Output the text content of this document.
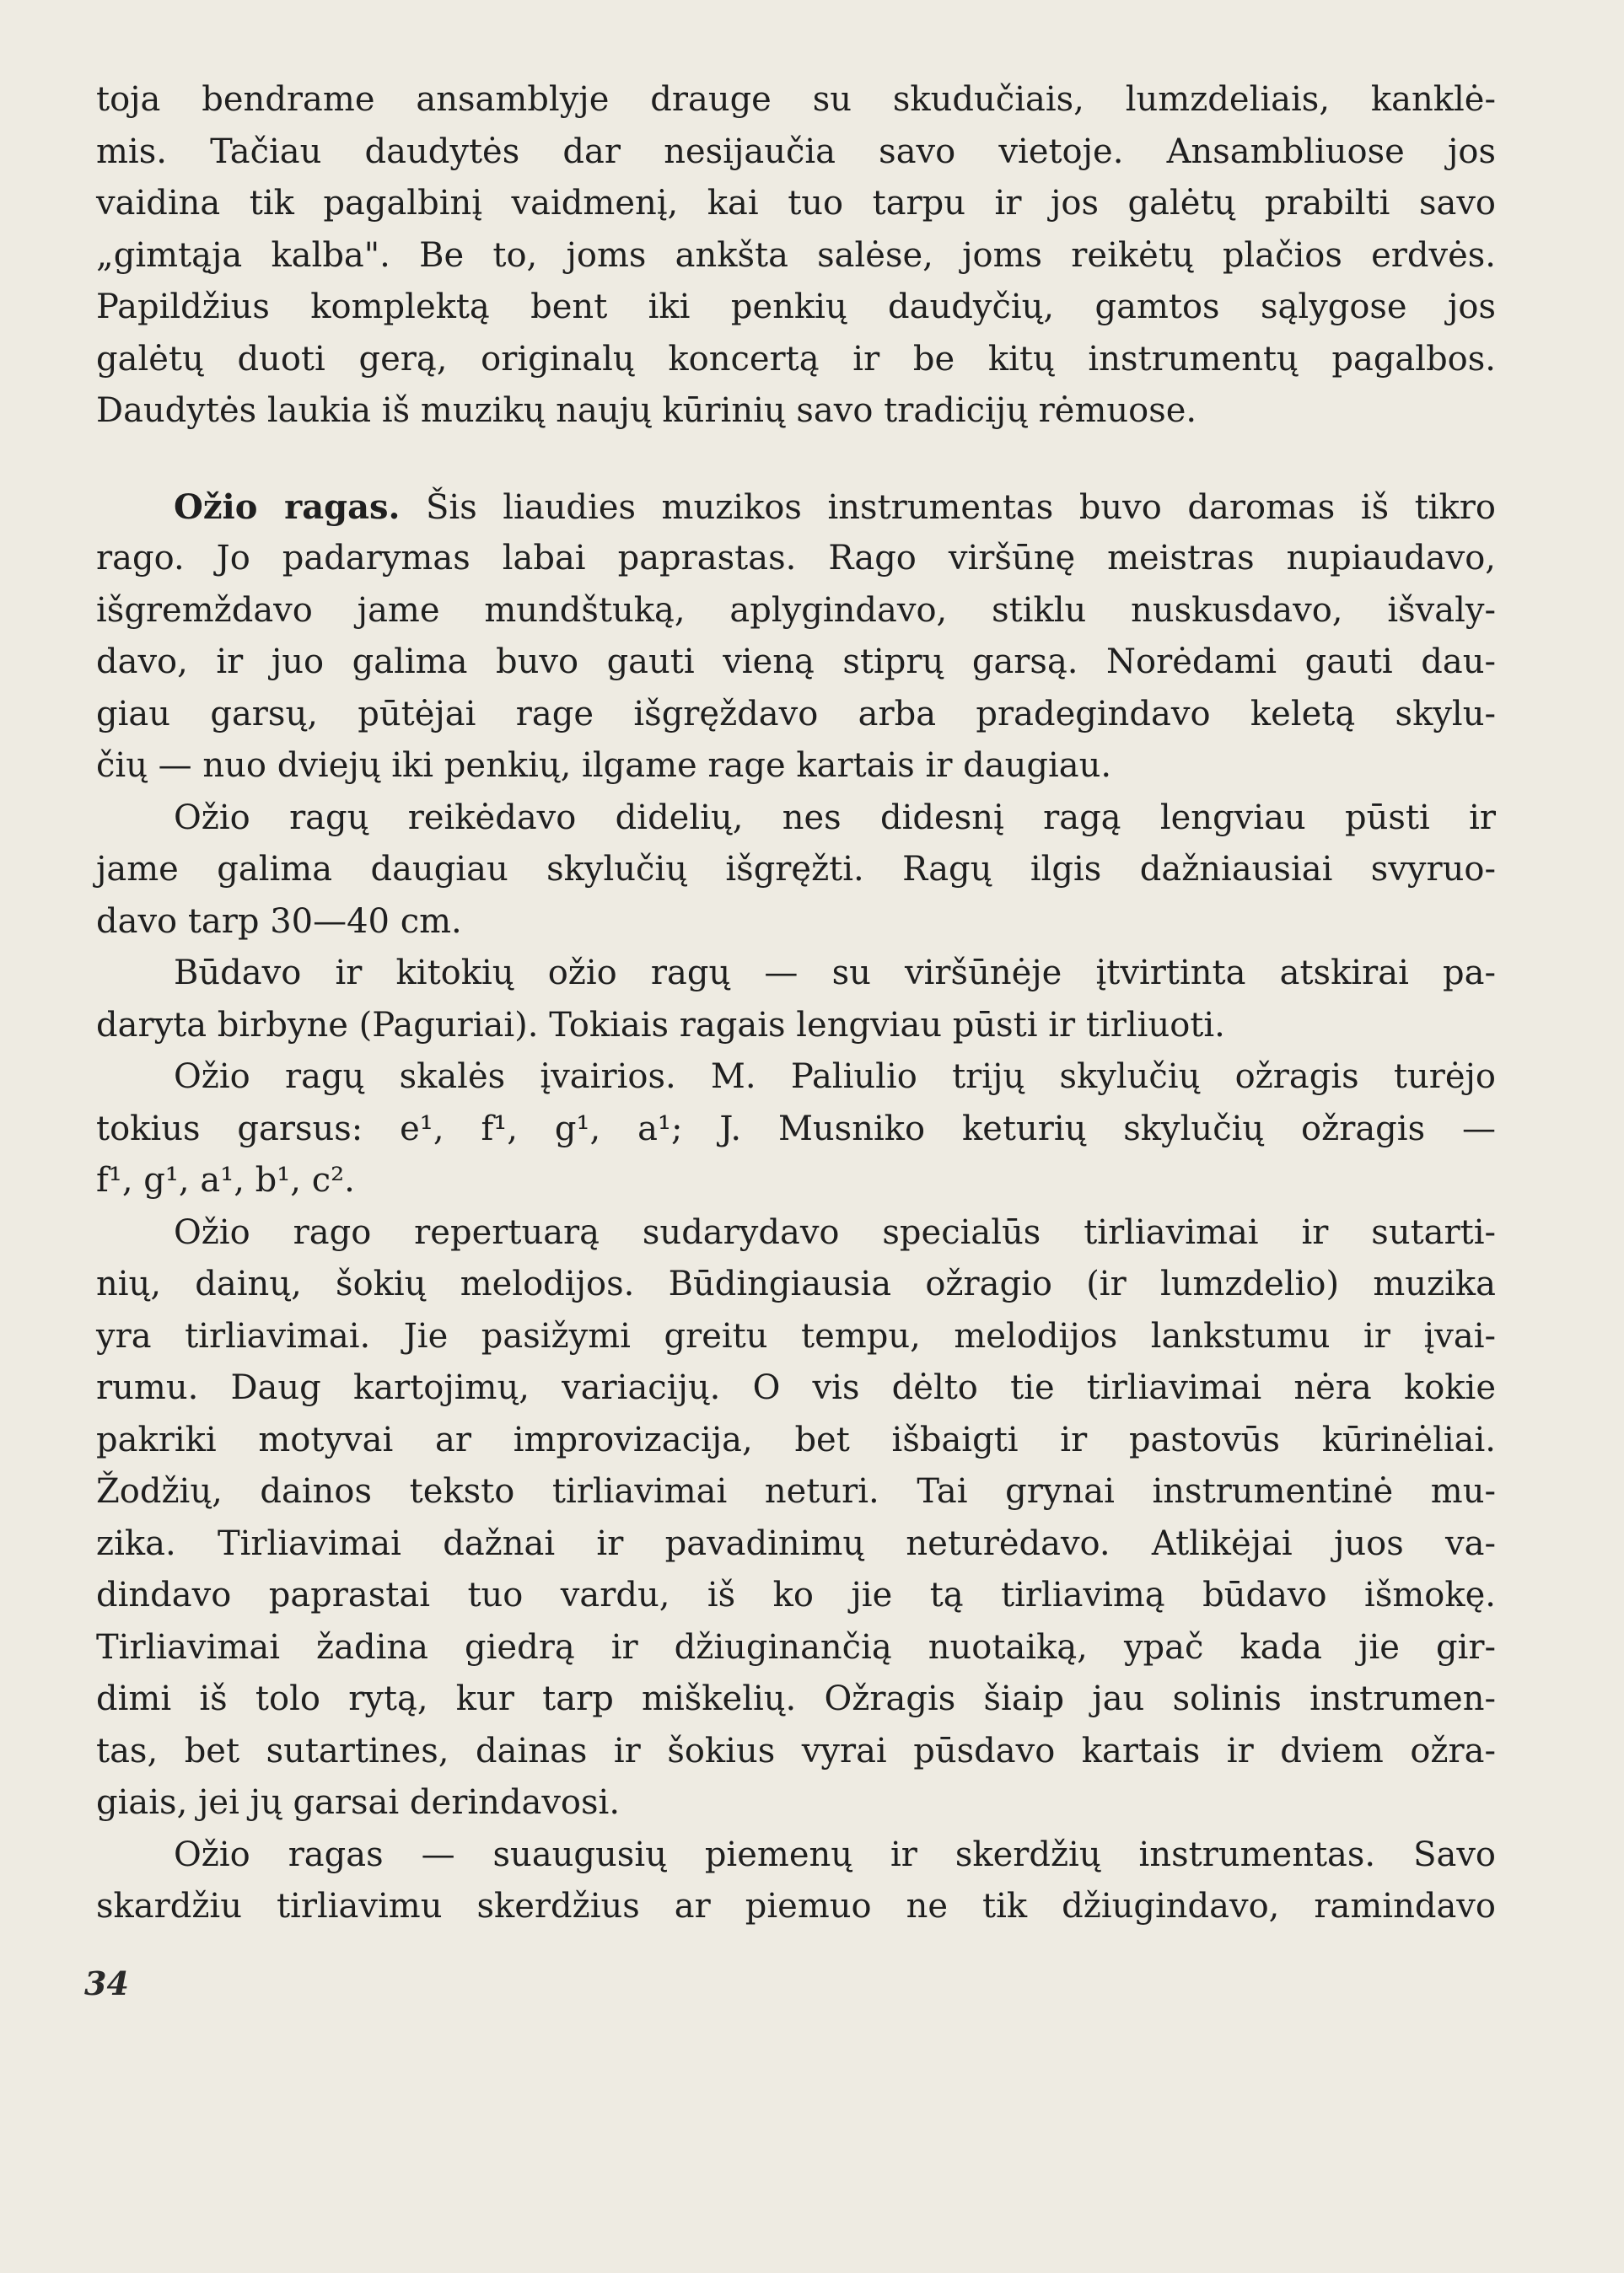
toja bendrame ansamblyje drauge su skudučiais, lumzdeliais, kanklė-
mis. Tačiau daudytės dar nesijaučia savo vietoje. Ansambliuose jos
vaidina tik pagalbinį vaidmenį, kai tuo tarpu ir jos galėtų prabilti savo
„gimtąja kalba". Be to, joms ankšta salėse, joms reikėtų plačios erdvės.
Papildžius komplektą bent iki penkių daudyčių, gamtos sąlygose jos
galėtų duoti gerą, originalų koncertą ir be kitų instrumentų pagalbos.
Daudytės laukia iš muzikų naujų kūrinių savo tradicijų rėmuose.
Ožio ragas. Šis liaudies muzikos instrumentas buvo daromas iš tikro
rago. Jo padarymas labai paprastas. Rago viršūnę meistras nupiaudavo,
išgremždavo jame mundštuką, aplygindavo, stiklu nuskusdavo, išvaly-
davo, ir juo galima buvo gauti vieną stiprų garsą. Norėdami gauti dau-
giau garsų, pūtėjai rage išgręždavo arba pradegindavo keletą skylu-
čių — nuo dviejų iki penkių, ilgame rage kartais ir daugiau.
Ožio ragų reikėdavo didelių, nes didesnį ragą lengviau pūsti ir
jame galima daugiau skylučių išgręžti. Ragų ilgis dažniausiai svyruo-
davo tarp 30—40 cm.
Būdavo ir kitokių ožio ragų — su viršūnėje įtvirtinta atskirai pa-
daryta birbyne (Paguriai). Tokiais ragais lengviau pūsti ir tirliuoti.
Ožio ragų skalės įvairios. M. Paliulio trijų skylučių ožragis turėjo
tokius garsus: e¹, f¹, g¹, a¹; J. Musniko keturių skylučių ožragis —
f¹, g¹, a¹, b¹, c².
Ožio rago repertuarą sudarydavo specialūs tirliavimai ir sutarti-
nių, dainų, šokių melodijos. Būdingiausia ožragio (ir lumzdelio) muzika
yra tirliavimai. Jie pasižymi greitu tempu, melodijos lankstumu ir įvai-
rumu. Daug kartojimų, variacijų. O vis dėlto tie tirliavimai nėra kokie
pakriki motyvai ar improvizacija, bet išbaigti ir pastovūs kūrinėliai.
Žodžių, dainos teksto tirliavimai neturi. Tai grynai instrumentinė mu-
zika. Tirliavimai dažnai ir pavadinimų neturėdavo. Atlikėjai juos va-
dindavo paprastai tuo vardu, iš ko jie tą tirliavimą būdavo išmokę.
Tirliavimai žadina giedrą ir džiuginančią nuotaiką, ypač kada jie gir-
dimi iš tolo rytą, kur tarp miškelių. Ožragis šiaip jau solinis instrumen-
tas, bet sutartines, dainas ir šokius vyrai pūsdavo kartais ir dviem ožra-
giais, jei jų garsai derindavosi.
Ožio ragas — suaugusių piemenų ir skerdžių instrumentas. Savo
skardžiu tirliavimu skerdžius ar piemuo ne tik džiugindavo, ramindavo
34
